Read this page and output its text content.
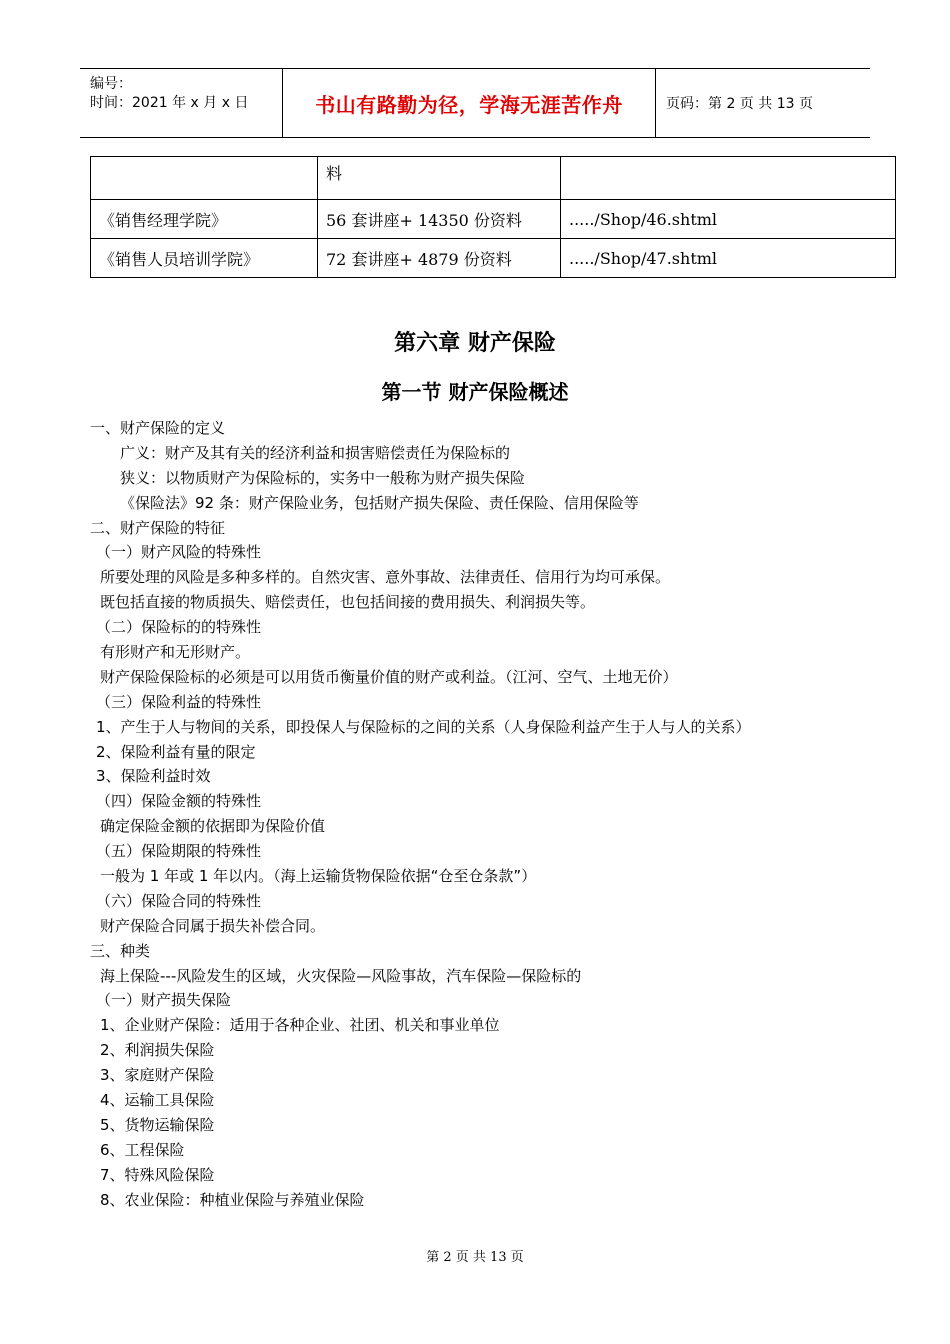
编号：
时间：2021 年 x 月 x 日	书山有路勤为径，学海无涯苦作舟	页码：第 2 页 共 13 页
	料	
《销售经理学院》	56 套讲座+ 14350 份资料	...../Shop/46.shtml
《销售人员培训学院》	72 套讲座+ 4879 份资料	...../Shop/47.shtml
第六章 财产保险
第一节 财产保险概述
一、财产保险的定义
广义：财产及其有关的经济利益和损害赔偿责任为保险标的
狭义：以物质财产为保险标的，实务中一般称为财产损失保险
《保险法》92 条：财产保险业务，包括财产损失保险、责任保险、信用保险等
二、财产保险的特征
（一）财产风险的特殊性
所要处理的风险是多种多样的。自然灾害、意外事故、法律责任、信用行为均可承保。
既包括直接的物质损失、赔偿责任，也包括间接的费用损失、利润损失等。
（二）保险标的的特殊性
有形财产和无形财产。
财产保险保险标的必须是可以用货币衡量价值的财产或利益。（江河、空气、土地无价）
（三）保险利益的特殊性
1、产生于人与物间的关系，即投保人与保险标的之间的关系（人身保险利益产生于人与人的关系）
2、保险利益有量的限定
3、保险利益时效
（四）保险金额的特殊性
确定保险金额的依据即为保险价值
（五）保险期限的特殊性
一般为 1 年或 1 年以内。（海上运输货物保险依据“仓至仓条款”）
（六）保险合同的特殊性
财产保险合同属于损失补偿合同。
三、种类
海上保险---风险发生的区域，火灾保险—风险事故，汽车保险—保险标的
（一）财产损失保险
1、企业财产保险：适用于各种企业、社团、机关和事业单位
2、利润损失保险
3、家庭财产保险
4、运输工具保险
5、货物运输保险
6、工程保险
7、特殊风险保险
8、农业保险：种植业保险与养殖业保险
第 2 页 共 13 页
